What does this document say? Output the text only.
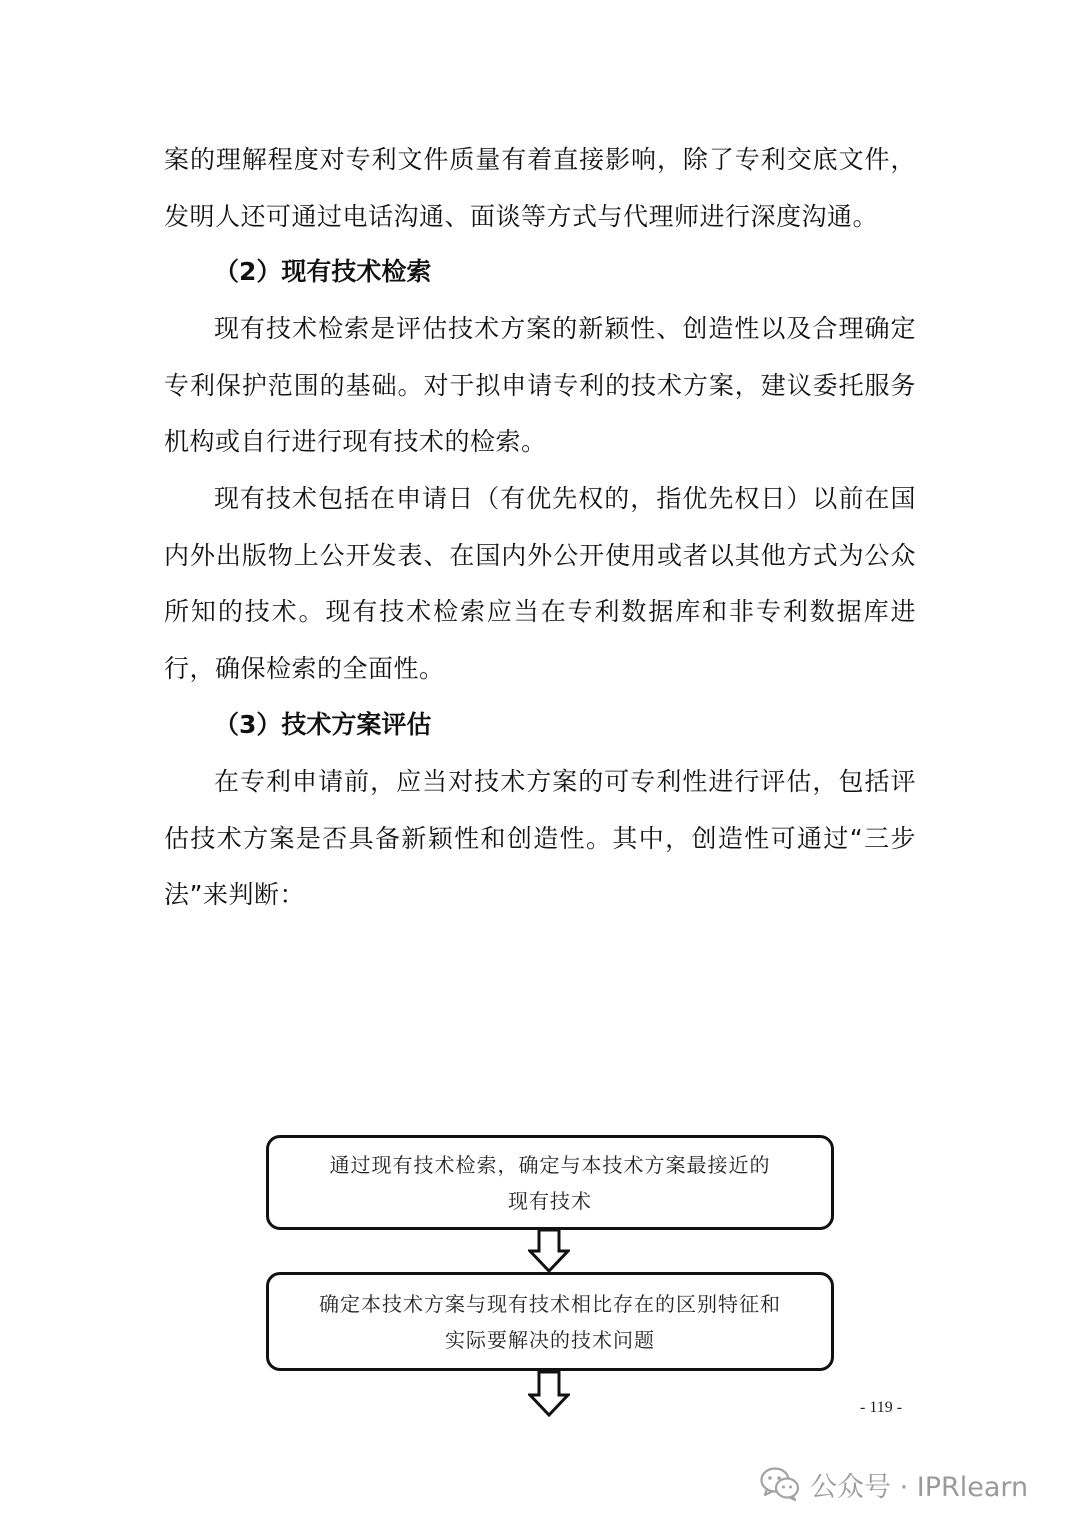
案的理解程度对专利文件质量有着直接影响，除了专利交底文件，发明人还可通过电话沟通、面谈等方式与代理师进行深度沟通。

（2）现有技术检索

现有技术检索是评估技术方案的新颖性、创造性以及合理确定专利保护范围的基础。对于拟申请专利的技术方案，建议委托服务机构或自行进行现有技术的检索。

现有技术包括在申请日（有优先权的，指优先权日）以前在国内外出版物上公开发表、在国内外公开使用或者以其他方式为公众所知的技术。现有技术检索应当在专利数据库和非专利数据库进行，确保检索的全面性。

（3）技术方案评估

在专利申请前，应当对技术方案的可专利性进行评估，包括评估技术方案是否具备新颖性和创造性。其中，创造性可通过“三步法”来判断：

通过现有技术检索，确定与本技术方案最接近的
现有技术
确定本技术方案与现有技术相比存在的区别特征和
实际要解决的技术问题
- 119 -
公众号 · IPRlearn
